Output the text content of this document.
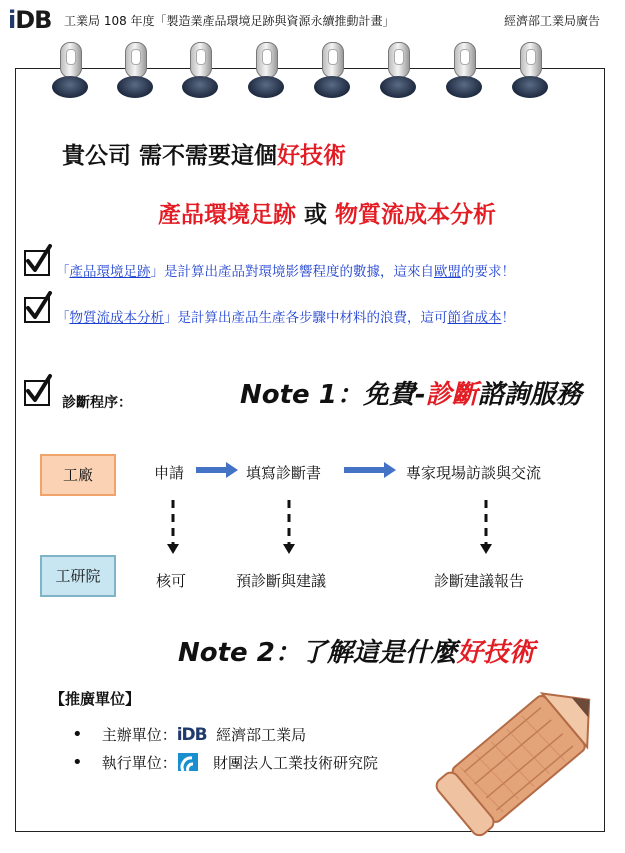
iDB 工業局 108 年度「製造業產品環境足跡與資源永續推動計畫」	經濟部工業局廣告
貴公司 需不需要這個好技術
產品環境足跡 或 物質流成本分析
「產品環境足跡」是計算出產品對環境影響程度的數據，這來自歐盟的要求！
「物質流成本分析」是計算出產品生產各步驟中材料的浪費，這可節省成本！
診斷程序：	Note 1：免費-診斷諮詢服務
工廠
工研院
申請	填寫診斷書	專家現場訪談與交流
核可	預診斷與建議	診斷建議報告
Note 2：了解這是什麼好技術
【推廣單位】
• 主辦單位：iDB 經濟部工業局
• 執行單位： 財團法人工業技術研究院
